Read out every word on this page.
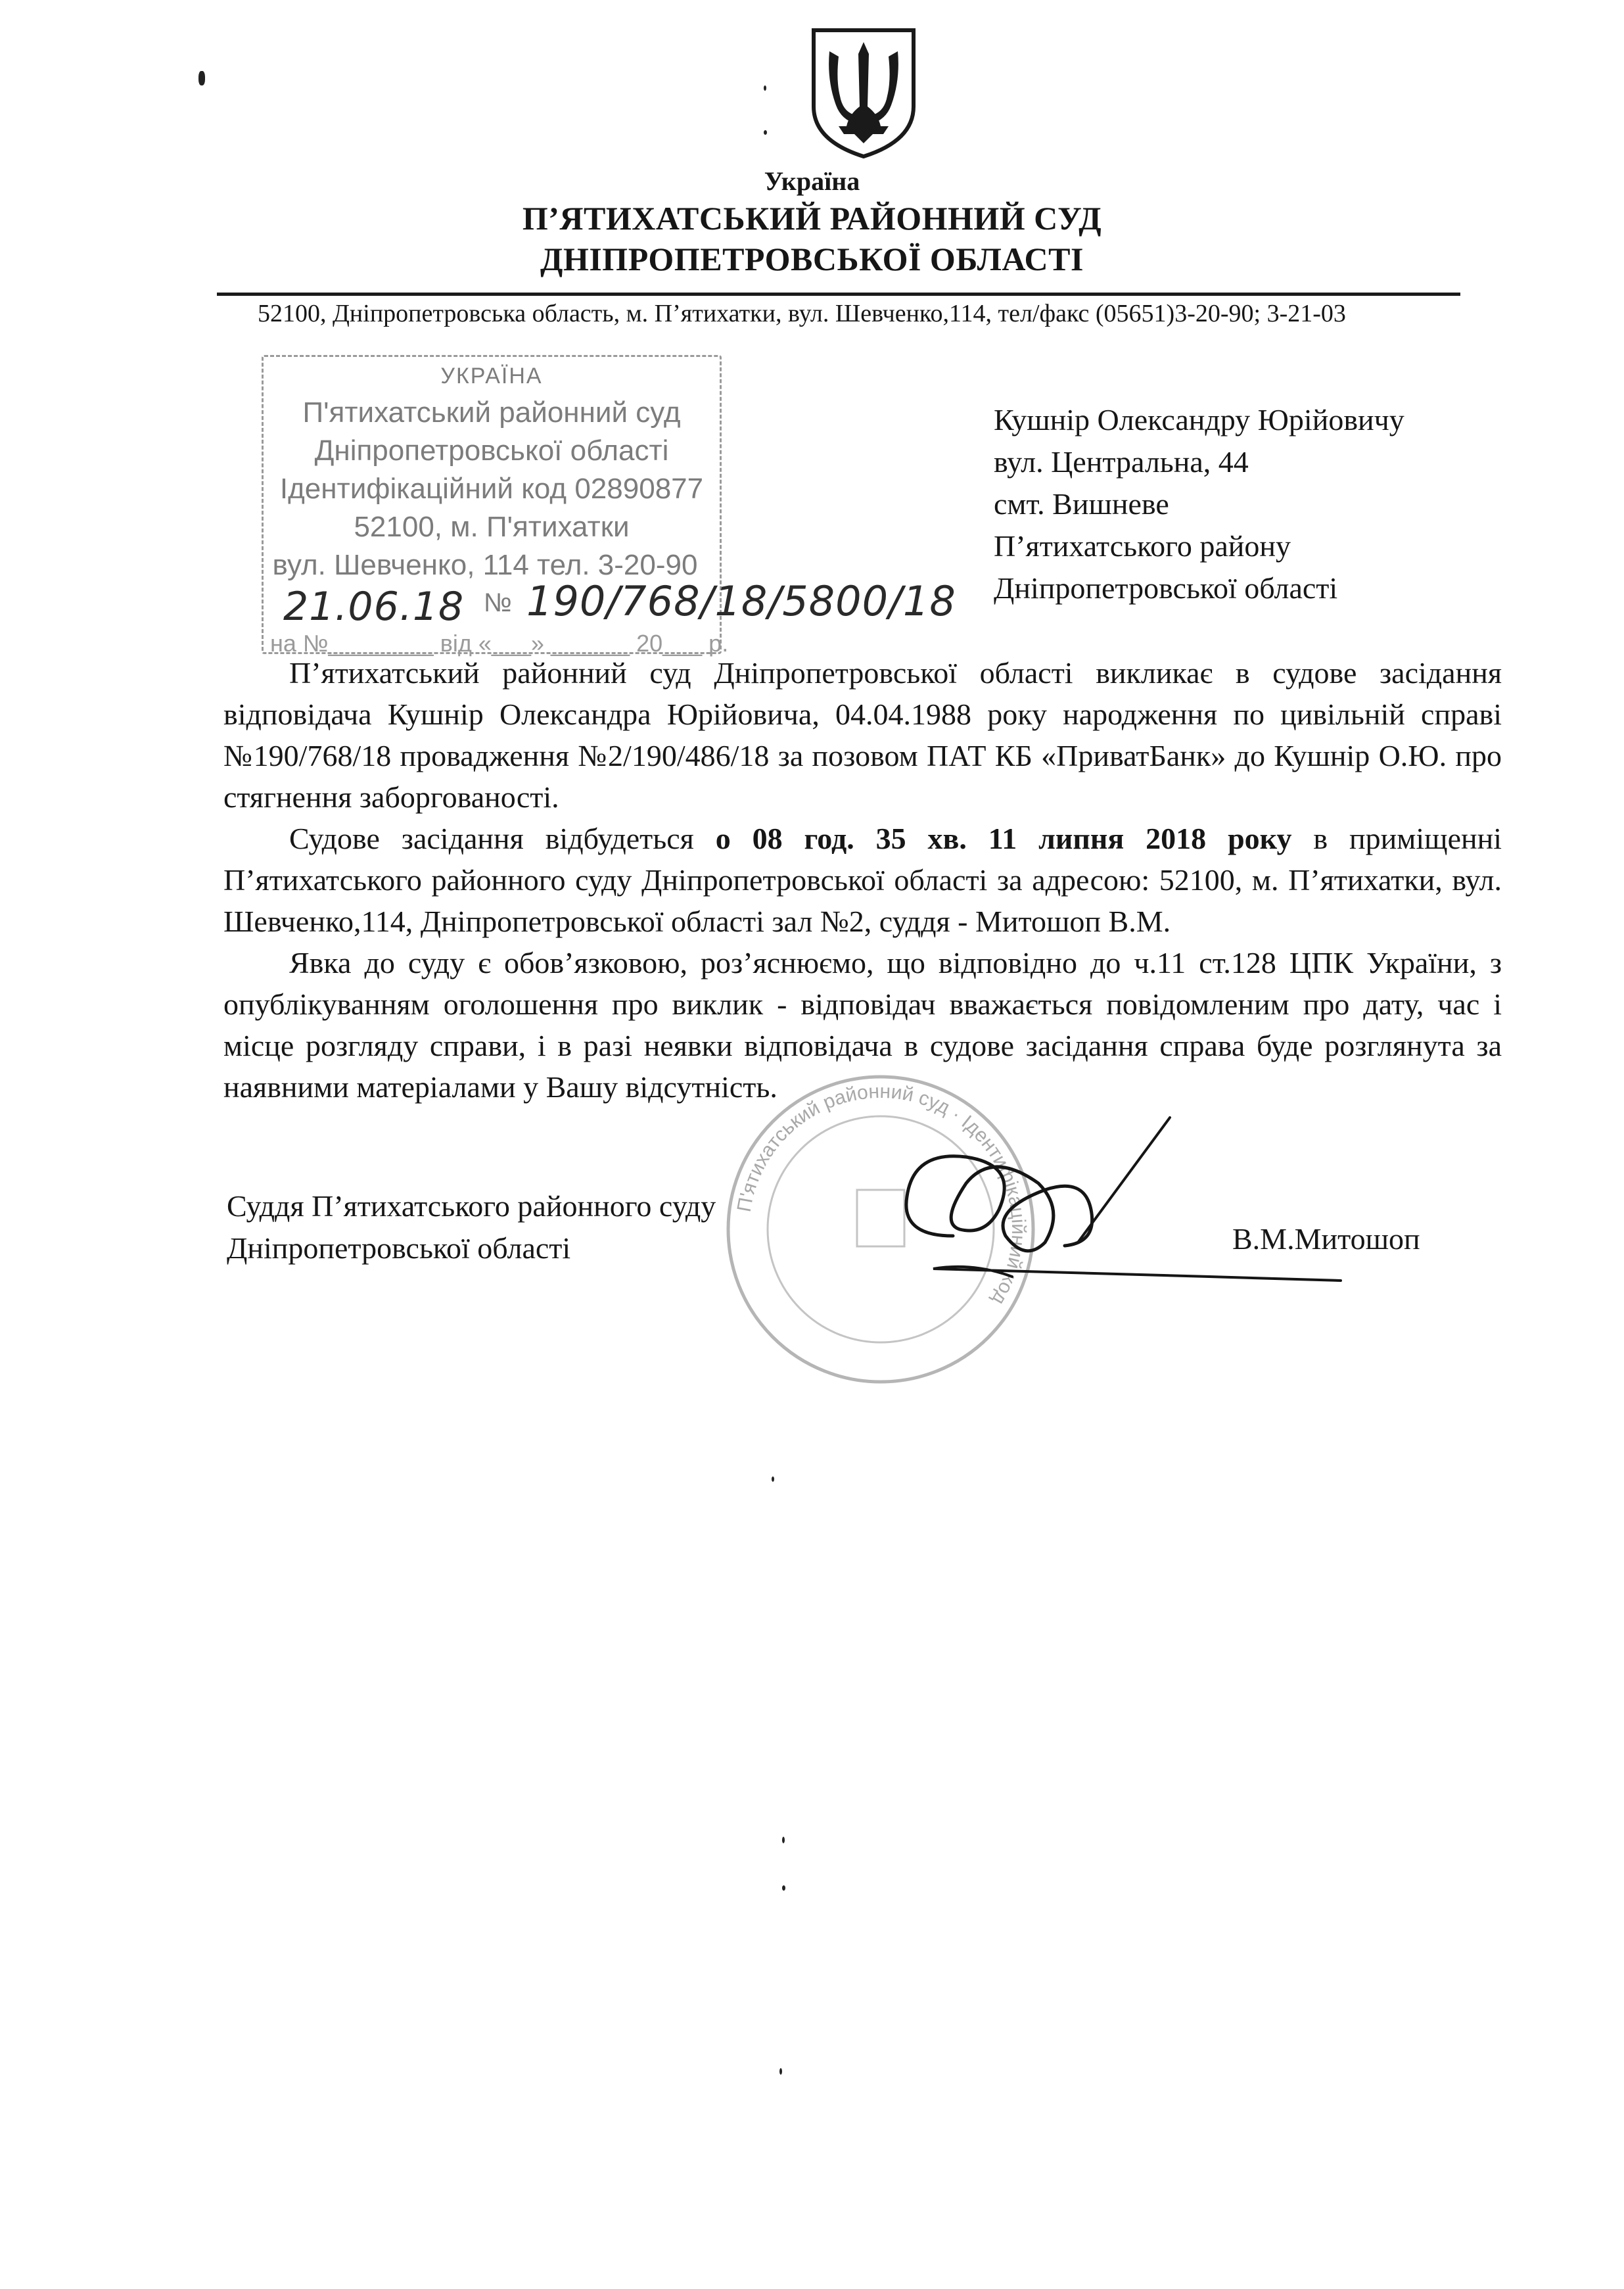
Україна
П’ЯТИХАТСЬКИЙ РАЙОННИЙ СУД
ДНІПРОПЕТРОВСЬКОЇ ОБЛАСТІ
52100, Дніпропетровська область, м. П’ятихатки, вул. Шевченко,114, тел/факс (05651)3-20-90; 3-21-03
УКРАЇНА
П'ятихатський районний суд
Дніпропетровської області
Ідентифікаційний код 02890877
52100, м. П'ятихатки
вул. Шевченко, 114 тел. 3-20-90
21.06.18 № 190/768/18/5800/18
на №________ від «___» ______ 20___ р.
Кушнір Олександру Юрійовичу
вул. Центральна, 44
смт. Вишневе
П’ятихатського району
Дніпропетровської області

П’ятихатський районний суд Дніпропетровської області викликає в судове засідання відповідача Кушнір Олександра Юрійовича, 04.04.1988 року народження по цивільній справі №190/768/18 провадження №2/190/486/18 за позовом ПАТ КБ «ПриватБанк» до Кушнір О.Ю. про стягнення заборгованості.

Судове засідання відбудеться о 08 год. 35 хв. 11 липня 2018 року в приміщенні П’ятихатського районного суду Дніпропетровської області за адресою: 52100, м. П’ятихатки, вул. Шевченко,114, Дніпропетровської області зал №2, суддя - Митошоп В.М.

Явка до суду є обов’язковою, роз’яснюємо, що відповідно до ч.11 ст.128 ЦПК України, з опублікуванням оголошення про виклик - відповідач вважається повідомленим про дату, час і місце розгляду справи, і в разі неявки відповідача в судове засідання справа буде розглянута за наявними матеріалами у Вашу відсутність.

П'ятихатський районний суд · Ідентифікаційний код
Суддя П’ятихатського районного суду
Дніпропетровської області	В.М.Митошоп
